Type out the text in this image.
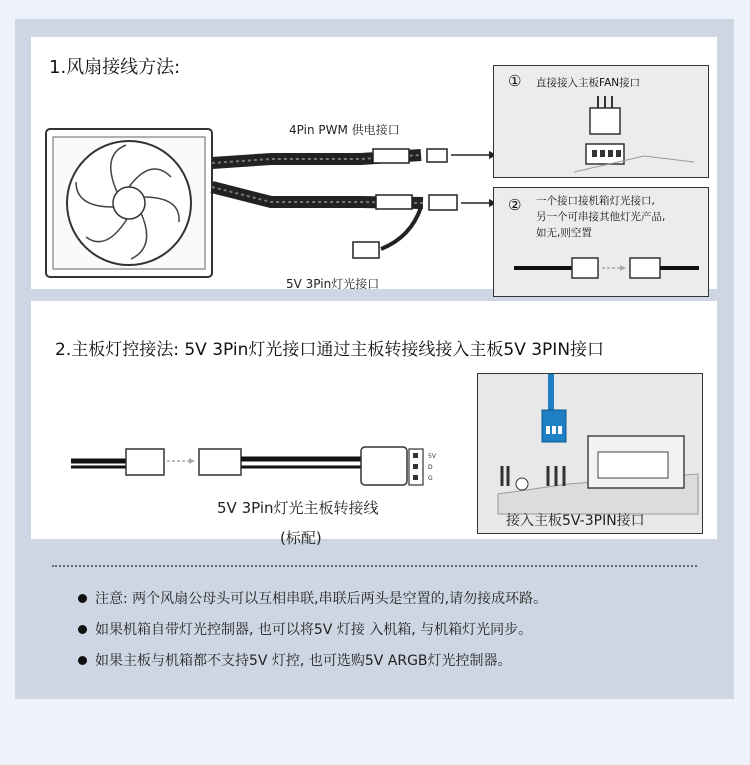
1.风扇接线方法:
4Pin PWM 供电接口
5V 3Pin灯光接口
① 直接接入主板FAN接口
② 一个接口接机箱灯光接口,
另一个可串接其他灯光产品,
如无,则空置
2.主板灯控接法: 5V 3Pin灯光接口通过主板转接线接入主板5V 3PIN接口
5V
D
G
5V 3Pin灯光主板转接线
(标配)
接入主板5V-3PIN接口
注意: 两个风扇公母头可以互相串联,串联后两头是空置的,请勿接成环路。
如果机箱自带灯光控制器, 也可以将5V 灯接 入机箱, 与机箱灯光同步。
如果主板与机箱都不支持5V 灯控, 也可选购5V ARGB灯光控制器。
